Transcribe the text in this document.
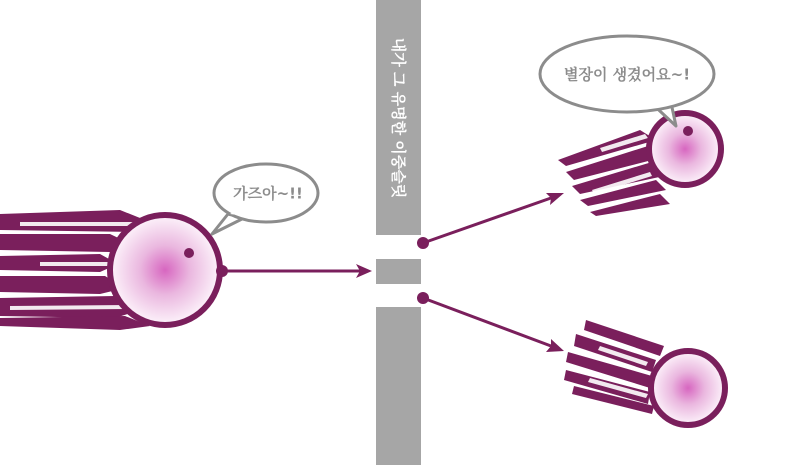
내가 그 유명한 이중슬릿
가즈아~!!
별장이 생겼어요~!
